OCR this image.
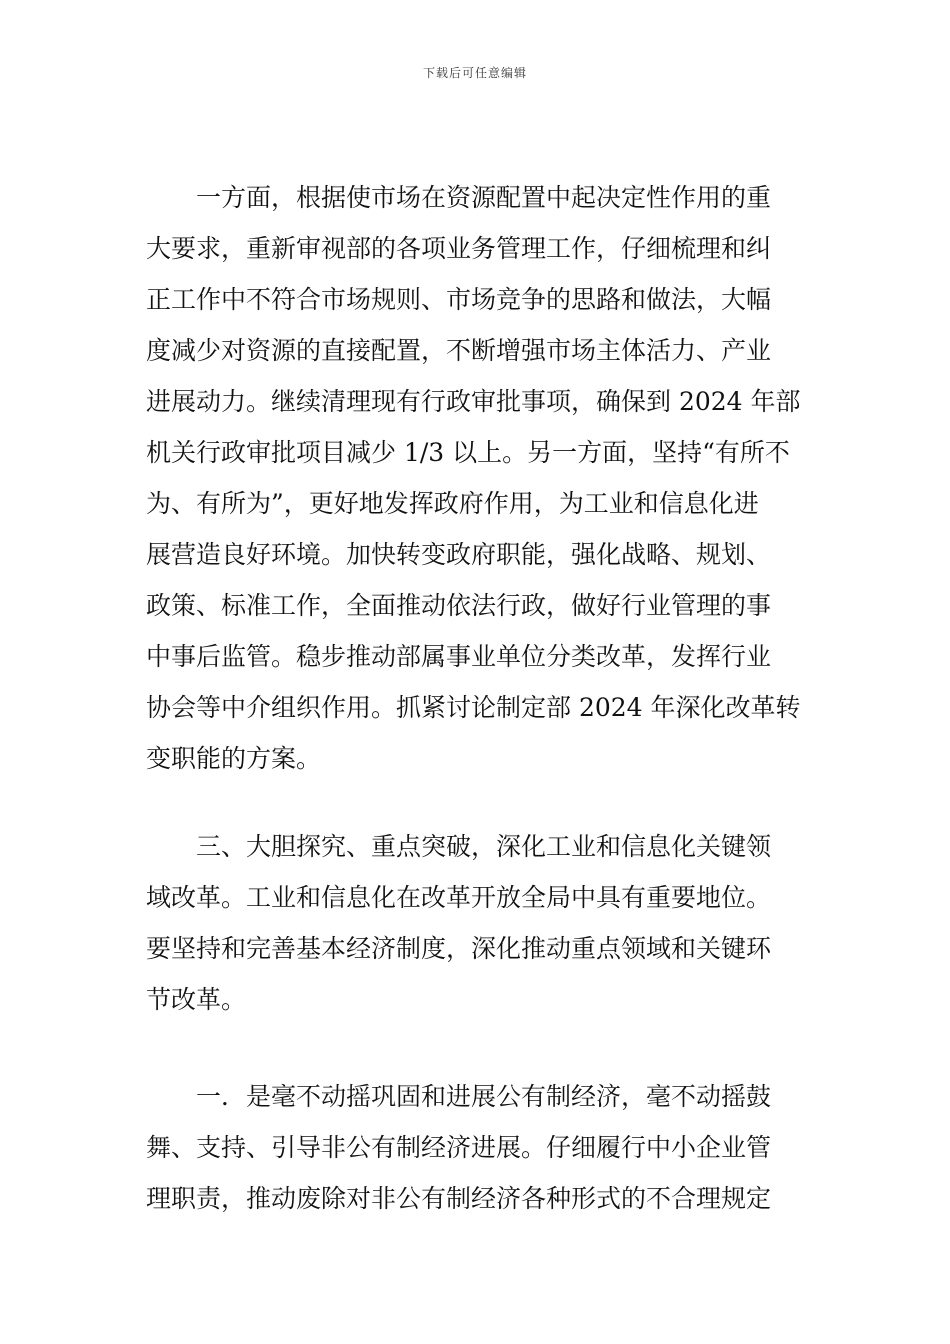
下载后可任意编辑
　　一方面，根据使市场在资源配置中起决定性作用的重
大要求，重新审视部的各项业务管理工作，仔细梳理和纠
正工作中不符合市场规则、市场竞争的思路和做法，大幅
度减少对资源的直接配置，不断增强市场主体活力、产业
进展动力。继续清理现有行政审批事项，确保到 2024 年部
机关行政审批项目减少 1/3 以上。另一方面，坚持“有所不
为、有所为”，更好地发挥政府作用，为工业和信息化进
展营造良好环境。加快转变政府职能，强化战略、规划、
政策、标准工作，全面推动依法行政，做好行业管理的事
中事后监管。稳步推动部属事业单位分类改革，发挥行业
协会等中介组织作用。抓紧讨论制定部 2024 年深化改革转
变职能的方案。
　　三、大胆探究、重点突破，深化工业和信息化关键领
域改革。工业和信息化在改革开放全局中具有重要地位。
要坚持和完善基本经济制度，深化推动重点领域和关键环
节改革。
　　一．是毫不动摇巩固和进展公有制经济，毫不动摇鼓
舞、支持、引导非公有制经济进展。仔细履行中小企业管
理职责，推动废除对非公有制经济各种形式的不合理规定
